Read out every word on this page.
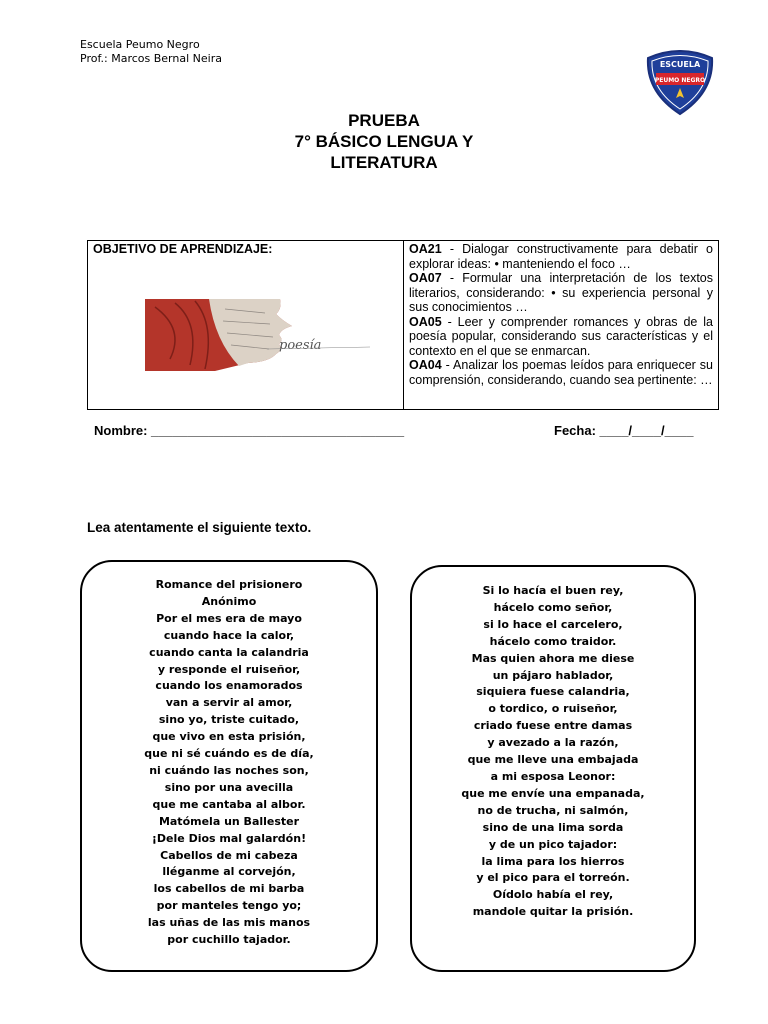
Escuela Peumo Negro
Prof.: Marcos Bernal Neira	ESCUELA
PEUMO NEGRO
PRUEBA
7° BÁSICO LENGUA Y
LITERATURA
OBJETIVO DE APRENDIZAJE:
poesía

OA21 - Dialogar constructivamente para debatir o explorar ideas: • manteniendo el foco …

OA07 - Formular una interpretación de los textos literarios, considerando: • su experiencia personal y sus conocimientos …

OA05 - Leer y comprender romances y obras de la poesía popular, considerando sus características y el contexto en el que se enmarcan.

OA04 - Analizar los poemas leídos para enriquecer su comprensión, considerando, cuando sea pertinente: …

Nombre: ___________________________________	Fecha: ____/____/____
Lea atentamente el siguiente texto.
Romance del prisionero
Anónimo
Por el mes era de mayo
cuando hace la calor,
cuando canta la calandria
y responde el ruiseñor,
cuando los enamorados
van a servir al amor,
sino yo, triste cuitado,
que vivo en esta prisión,
que ni sé cuándo es de día,
ni cuándo las noches son,
sino por una avecilla
que me cantaba al albor.
Matómela un Ballester
¡Dele Dios mal galardón!
Cabellos de mi cabeza
lléganme al corvejón,
los cabellos de mi barba
por manteles tengo yo;
las uñas de las mis manos
por cuchillo tajador.
Si lo hacía el buen rey,
hácelo como señor,
si lo hace el carcelero,
hácelo como traidor.
Mas quien ahora me diese
un pájaro hablador,
siquiera fuese calandria,
o tordico, o ruiseñor,
criado fuese entre damas
y avezado a la razón,
que me lleve una embajada
a mi esposa Leonor:
que me envíe una empanada,
no de trucha, ni salmón,
sino de una lima sorda
y de un pico tajador:
la lima para los hierros
y el pico para el torreón.
Oídolo había el rey,
mandole quitar la prisión.
